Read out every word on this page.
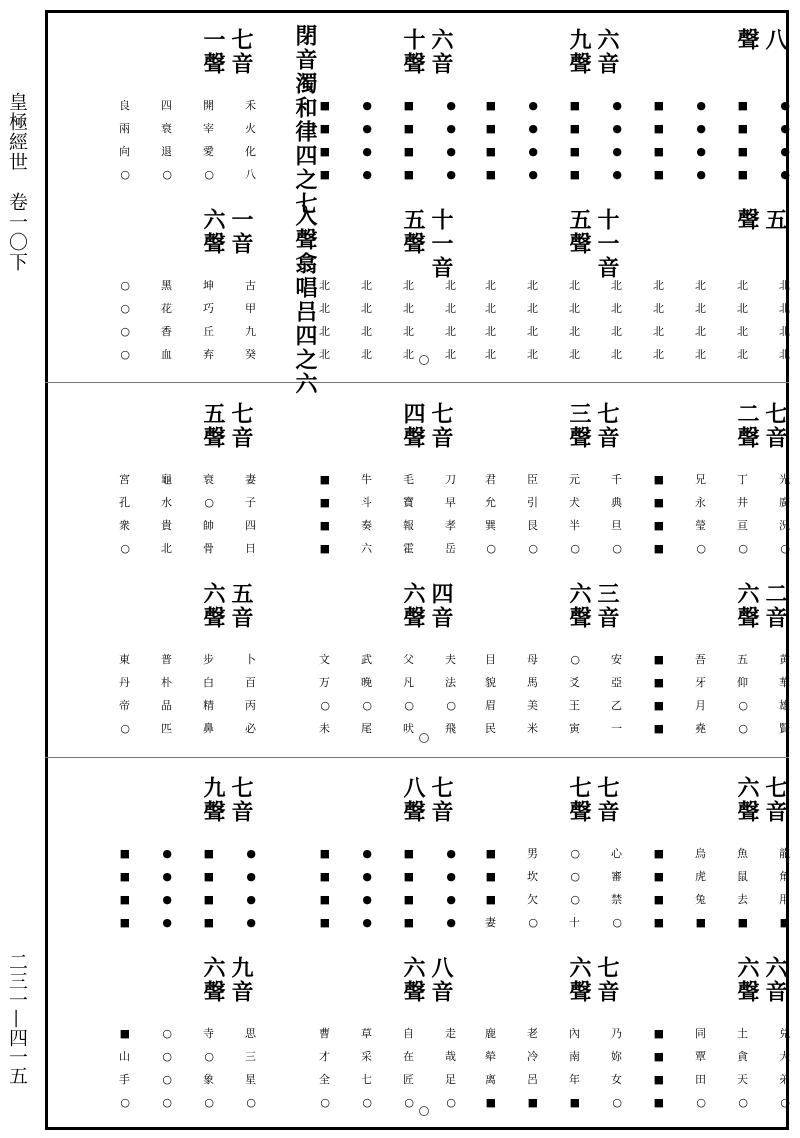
皇極經世　卷一〇下
二三一—四一五
閉音濁和律四之七
入聲翕唱吕四之六
八
聲
●
●
●
●
■
■
■
■
●
●
●
●
■
■
■
■
六音
九聲
●
●
●
●
■
■
■
■
●
●
●
●
■
■
■
■
六音
十聲
●
●
●
●
■
■
■
■
●
●
●
●
■
■
■
■
七音
一聲
禾
火
化
八
開
宰
愛
○
四
衰
退
○
良
兩
向
○
五
聲
北
北
北
北
北
北
北
北
北
北
北
北
北
北
北
北
十一音
五聲
北
北
北
北
北
北
北
北
北
北
北
北
北
北
北
北
十一音
五聲
北
北
北
北
北
北
北
北
北
北
北
北
北
北
北
北
一音
六聲
古
甲
九
癸
坤
巧
丘
弃
黑
花
香
血
○
○
○
○
七音
二聲
光
廣
況
○
丁
井
亘
○
兄
永
瑩
○
■
■
■
■
七音
三聲
千
典
旦
○
元
犬
半
○
臣
引
艮
○
君
允
巽
○
七音
四聲
刀
早
孝
岳
毛
寶
報
霍
牛
斗
奏
六
■
■
■
■
七音
五聲
妻
子
四
日
衰
○
帥
骨
龜
水
貴
北
宮
孔
衆
○
二音
六聲
黄
華
雄
賢
五
仰
○
○
吾
牙
月
堯
■
■
■
■
三音
六聲
安
亞
乙
一
○
爻
王
寅
母
馬
美
米
目
貌
眉
民
四音
六聲
夫
法
○
飛
父
凡
○
吠
武
晚
○
尾
文
万
○
未
五音
六聲
卜
百
丙
必
步
白
精
鼻
普
朴
品
匹
東
丹
帝
○
七音
六聲
龍
角
用
■
魚
鼠
去
■
烏
虎
兔
■
■
■
■
■
七音
七聲
心
審
禁
○
○
○
○
十
男
坎
欠
○
■
■
■
妻
七音
八聲
●
●
●
●
■
■
■
■
●
●
●
●
■
■
■
■
七音
九聲
●
●
●
●
■
■
■
■
●
●
●
●
■
■
■
■
六音
六聲
兑
大
弟
○
土
貪
天
○
同
覃
田
○
■
■
■
■
七音
六聲
乃
妳
女
○
內
南
年
■
老
冷
呂
■
鹿
犖
离
■
八音
六聲
走
哉
足
○
自
在
匠
○
草
采
七
○
曹
才
全
○
九音
六聲
思
三
星
○
寺
○
象
○
○
○
○
○
■
山
手
○
